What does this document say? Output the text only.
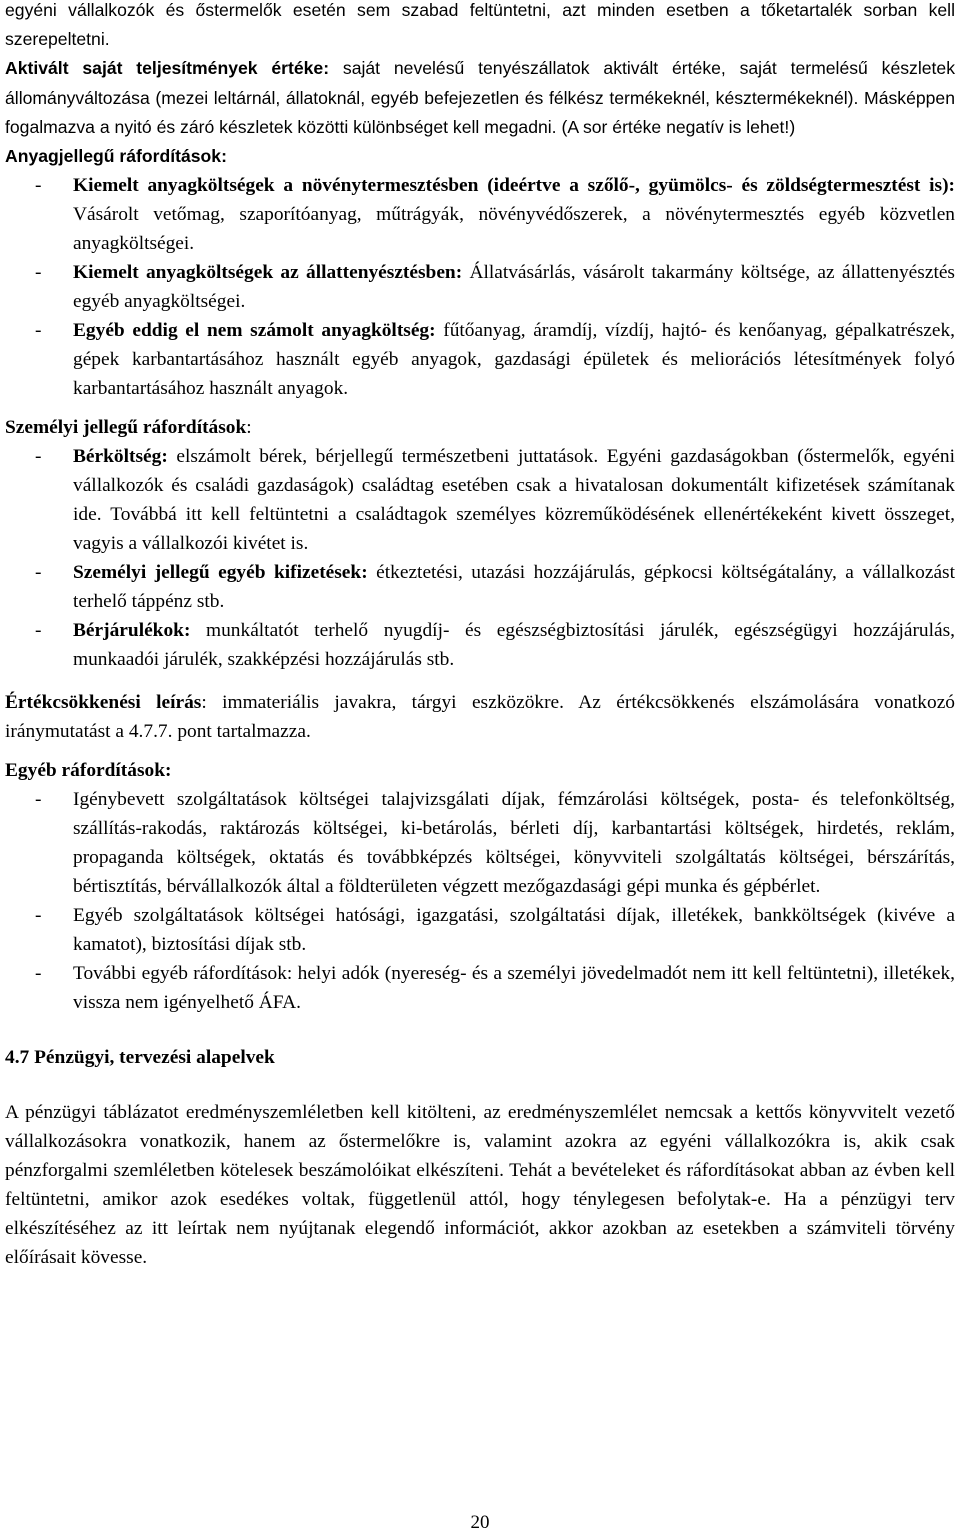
egyéni vállalkozók és őstermelők esetén sem szabad feltüntetni, azt minden esetben a tőketartalék sorban kell szerepeltetni.

Aktivált saját teljesítmények értéke: saját nevelésű tenyészállatok aktivált értéke, saját termelésű készletek állományváltozása (mezei leltárnál, állatoknál, egyéb befejezetlen és félkész termékeknél, késztermékeknél). Másképpen fogalmazva a nyitó és záró készletek közötti különbséget kell megadni. (A sor értéke negatív is lehet!)

Anyagjellegű ráfordítások:

-	Kiemelt anyagköltségek a növénytermesztésben (ideértve a szőlő-, gyümölcs- és zöldségtermesztést is): Vásárolt vetőmag, szaporítóanyag, műtrágyák, növényvédőszerek, a növénytermesztés egyéb közvetlen anyagköltségei.

-	Kiemelt anyagköltségek az állattenyésztésben: Állatvásárlás, vásárolt takarmány költsége, az állattenyésztés egyéb anyagköltségei.

-	Egyéb eddig el nem számolt anyagköltség: fűtőanyag, áramdíj, vízdíj, hajtó- és kenőanyag, gépalkatrészek, gépek karbantartásához használt egyéb anyagok, gazdasági épületek és meliorációs létesítmények folyó karbantartásához használt anyagok.

Személyi jellegű ráfordítások:

-	Bérköltség: elszámolt bérek, bérjellegű természetbeni juttatások. Egyéni gazdaságokban (őstermelők, egyéni vállalkozók és családi gazdaságok) családtag esetében csak a hivatalosan dokumentált kifizetések számítanak ide. Továbbá itt kell feltüntetni a családtagok személyes közreműködésének ellenértékeként kivett összeget, vagyis a vállalkozói kivétet is.

-	Személyi jellegű egyéb kifizetések: étkeztetési, utazási hozzájárulás, gépkocsi költségátalány, a vállalkozást terhelő táppénz stb.

-	Bérjárulékok: munkáltatót terhelő nyugdíj- és egészségbiztosítási járulék, egészségügyi hozzájárulás, munkaadói járulék, szakképzési hozzájárulás stb.

Értékcsökkenési leírás: immateriális javakra, tárgyi eszközökre. Az értékcsökkenés elszámolására vonatkozó iránymutatást a 4.7.7. pont tartalmazza.

Egyéb ráfordítások:

-	Igénybevett szolgáltatások költségei talajvizsgálati díjak, fémzárolási költségek, posta- és telefonköltség, szállítás-rakodás, raktározás költségei, ki-betárolás, bérleti díj, karbantartási költségek, hirdetés, reklám, propaganda költségek, oktatás és továbbképzés költségei, könyvviteli szolgáltatás költségei, bérszárítás, bértisztítás, bérvállalkozók által a földterületen végzett mezőgazdasági gépi munka és gépbérlet.

-	Egyéb szolgáltatások költségei hatósági, igazgatási, szolgáltatási díjak, illetékek, bankköltségek (kivéve a kamatot), biztosítási díjak stb.

-	További egyéb ráfordítások: helyi adók (nyereség- és a személyi jövedelmadót nem itt kell feltüntetni), illetékek, vissza nem igényelhető ÁFA.

4.7 Pénzügyi, tervezési alapelvek

A pénzügyi táblázatot eredményszemléletben kell kitölteni, az eredményszemlélet nemcsak a kettős könyvvitelt vezető vállalkozásokra vonatkozik, hanem az őstermelőkre is, valamint azokra az egyéni vállalkozókra is, akik csak pénzforgalmi szemléletben kötelesek beszámolóikat elkészíteni. Tehát a bevételeket és ráfordításokat abban az évben kell feltüntetni, amikor azok esedékes voltak, függetlenül attól, hogy ténylegesen befolytak-e. Ha a pénzügyi terv elkészítéséhez az itt leírtak nem nyújtanak elegendő információt, akkor azokban az esetekben a számviteli törvény előírásait kövesse.

20
